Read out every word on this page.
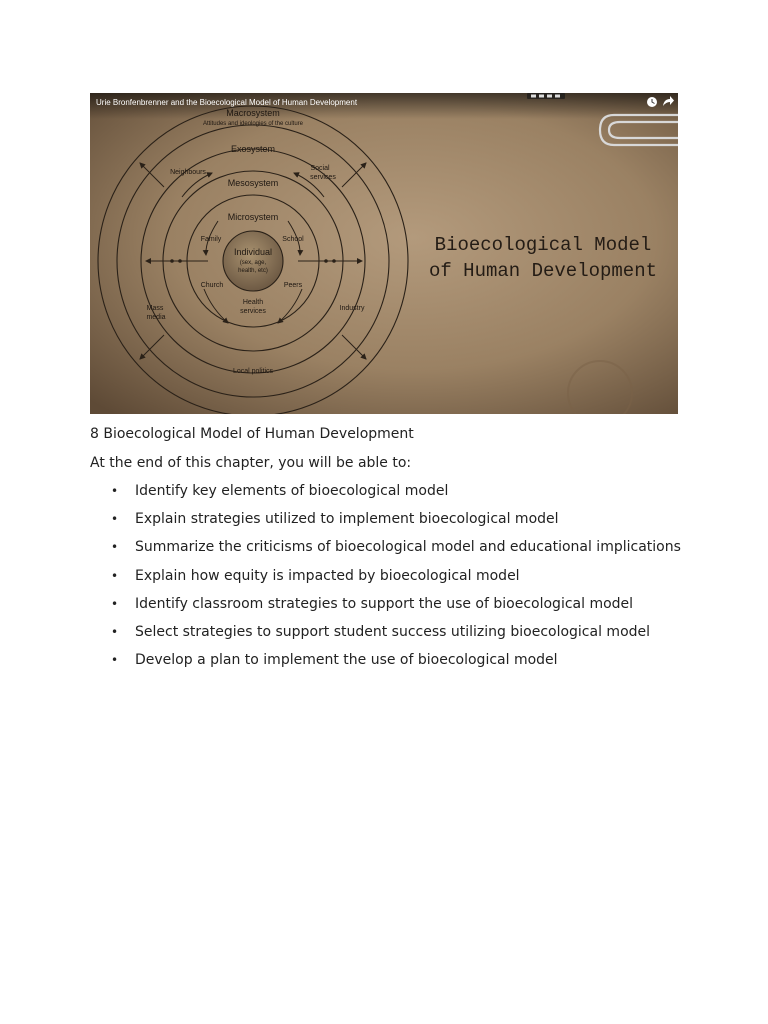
Macrosystem
Attitudes and ideologies of the culture
Exosystem
Mesosystem
Microsystem
Individual
(sex, age,
health, etc)
Family	School
Church	Peers
Health
services
Neighbours
Social
services
Mass
media
Industry
Local politics
Bioecological Model
of Human Development
Urie Bronfenbrenner and the Bioecological Model of Human Development

8 Bioecological Model of Human Development

At the end of this chapter, you will be able to:

• Identify key elements of bioecological model
• Explain strategies utilized to implement bioecological model
• Summarize the criticisms of bioecological model and educational implications
• Explain how equity is impacted by bioecological model
• Identify classroom strategies to support the use of bioecological model
• Select strategies to support student success utilizing bioecological model
• Develop a plan to implement the use of bioecological model
